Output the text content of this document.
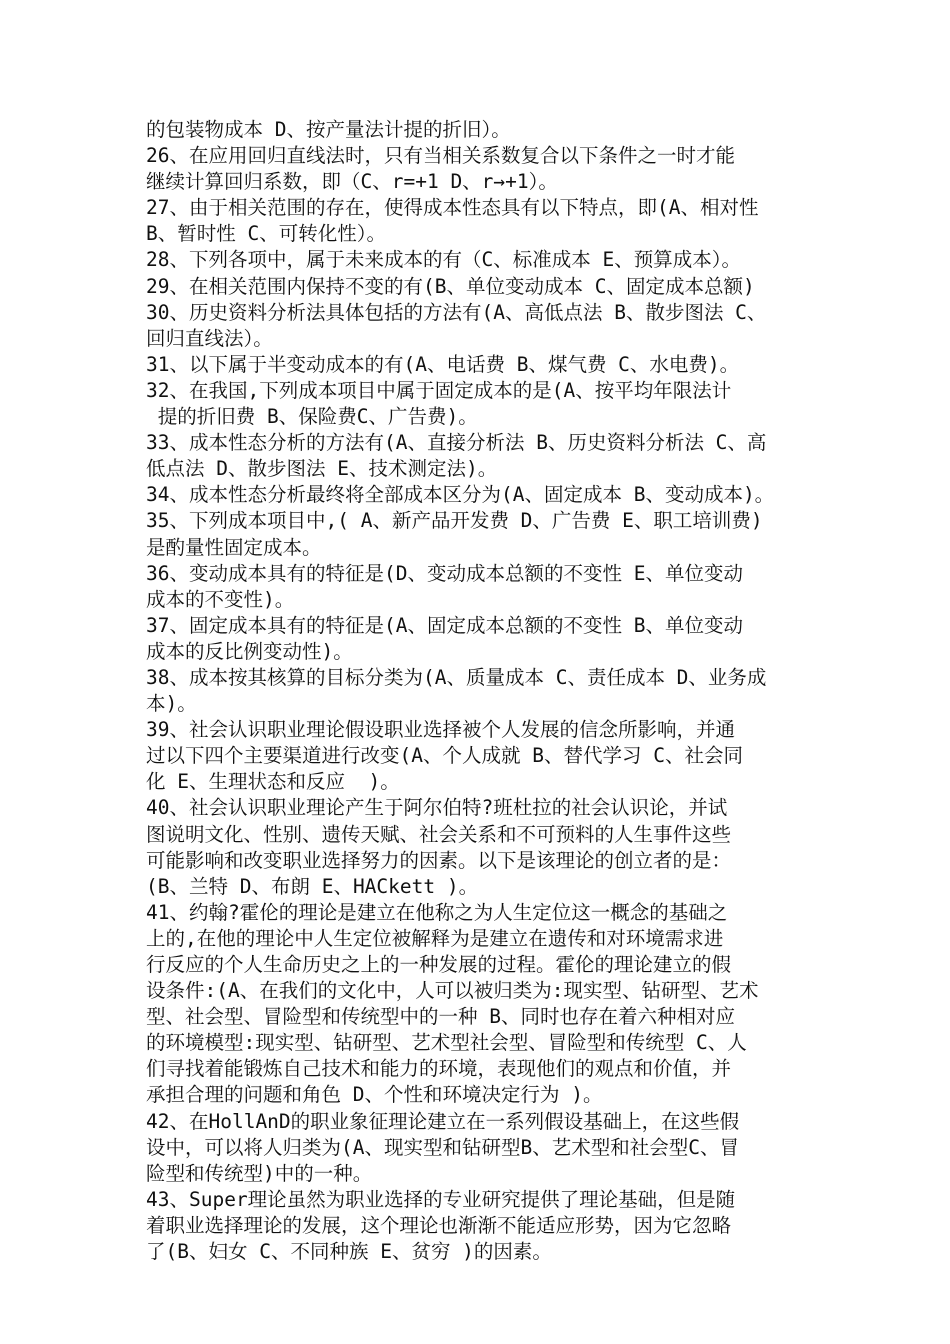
的包装物成本 D、按产量法计提的折旧）。
26、在应用回归直线法时，只有当相关系数复合以下条件之一时才能
继续计算回归系数，即（C、r=+1 D、r→+1）。
27、由于相关范围的存在，使得成本性态具有以下特点，即(A、相对性
B、暂时性 C、可转化性）。
28、下列各项中，属于未来成本的有（C、标准成本 E、预算成本）。
29、在相关范围内保持不变的有(B、单位变动成本 C、固定成本总额)
30、历史资料分析法具体包括的方法有(A、高低点法 B、散步图法 C、
回归直线法）。
31、以下属于半变动成本的有(A、电话费 B、煤气费 C、水电费)。
32、在我国,下列成本项目中属于固定成本的是(A、按平均年限法计
提的折旧费 B、保险费C、广告费)。
33、成本性态分析的方法有(A、直接分析法 B、历史资料分析法 C、高
低点法 D、散步图法 E、技术测定法)。
34、成本性态分析最终将全部成本区分为(A、固定成本 B、变动成本)。
35、下列成本项目中,( A、新产品开发费 D、广告费 E、职工培训费)
是酌量性固定成本。
36、变动成本具有的特征是(D、变动成本总额的不变性 E、单位变动
成本的不变性)。
37、固定成本具有的特征是(A、固定成本总额的不变性 B、单位变动
成本的反比例变动性)。
38、成本按其核算的目标分类为(A、质量成本 C、责任成本 D、业务成
本)。
39、社会认识职业理论假设职业选择被个人发展的信念所影响，并通
过以下四个主要渠道进行改变(A、个人成就 B、替代学习 C、社会同
化 E、生理状态和反应  )。
40、社会认识职业理论产生于阿尔伯特?班杜拉的社会认识论，并试
图说明文化、性别、遗传天赋、社会关系和不可预料的人生事件这些
可能影响和改变职业选择努力的因素。以下是该理论的创立者的是：
(B、兰特 D、布朗 E、HACkett )。
41、约翰?霍伦的理论是建立在他称之为人生定位这一概念的基础之
上的,在他的理论中人生定位被解释为是建立在遗传和对环境需求进
行反应的个人生命历史之上的一种发展的过程。霍伦的理论建立的假
设条件:(A、在我们的文化中，人可以被归类为:现实型、钻研型、艺术
型、社会型、冒险型和传统型中的一种 B、同时也存在着六种相对应
的环境模型:现实型、钻研型、艺术型社会型、冒险型和传统型 C、人
们寻找着能锻炼自己技术和能力的环境，表现他们的观点和价值，并
承担合理的问题和角色 D、个性和环境决定行为 )。
42、在HollAnD的职业象征理论建立在一系列假设基础上，在这些假
设中，可以将人归类为(A、现实型和钻研型B、艺术型和社会型C、冒
险型和传统型)中的一种。
43、Super理论虽然为职业选择的专业研究提供了理论基础，但是随
着职业选择理论的发展，这个理论也渐渐不能适应形势，因为它忽略
了(B、妇女 C、不同种族 E、贫穷 )的因素。
